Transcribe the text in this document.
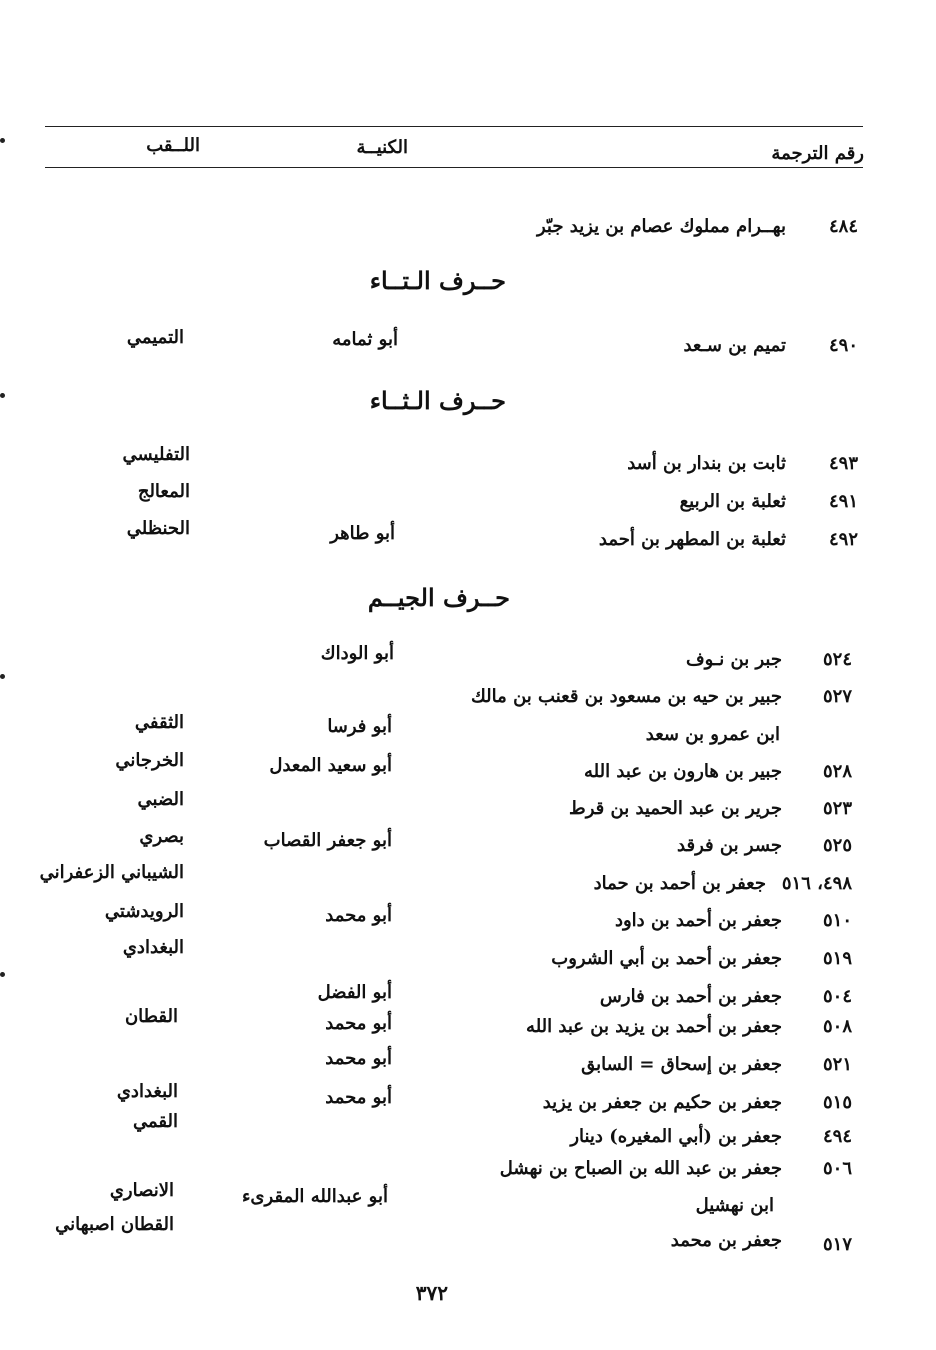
رقم الترجمة
الكنيــة
اللــقب
٤٨٤
بهــرام مملوك عصام بن يزيد جبّر
حــرف الـتــاء
٤٩٠
تميم بن سـعد
أبو ثمامه
التميمي
حــرف الـثــاء
٤٩٣
ثابت بن بندار بن أسد
التفليسي
٤٩١
ثعلبة بن الربيع
المعالج
٤٩٢
ثعلبة بن المطهر بن أحمد
أبو طاهر
الحنظلي
حــرف الجيــم
٥٢٤
جبر بن نـوف
أبو الوداك
٥٢٧
جبير بن حيه بن مسعود بن قعنب بن مالك
ابن عمرو بن سعد
أبو فرسا
الثقفي
٥٢٨
جبير بن هارون بن عبد الله
أبو سعيد المعدل
الخرجاني
٥٢٣
جرير بن عبد الحميد بن قرط
الضبي
٥٢٥
جسر بن فرقد
أبو جعفر القصاب
بصري
٤٩٨، ٥١٦
جعفر بن أحمد بن حماد
الشيباني الزعفراني
٥١٠
جعفر بن أحمد بن داود
أبو محمد
الرويدشتي
٥١٩
جعفر بن أحمد بن أبي الشروب
البغدادي
٥٠٤
جعفر بن أحمد بن فارس
أبو الفضل
القطان	٥٠٨
جعفر بن أحمد بن يزيد بن عبد الله
أبو محمد
٥٢١
جعفر بن إسحاق = السابق
أبو محمد
٥١٥
جعفر بن حكيم بن جعفر بن يزيد
أبو محمد
البغدادي
٤٩٤
جعفر بن (أبي المغيره) دينار
القمي
٥٠٦
جعفر بن عبد الله بن الصباح بن نهشل
أبو عبدالله المقرىء
الانصاري
ابن نهشيل
القطان اصبهاني
٥١٧
جعفر بن محمد
٣٧٢
